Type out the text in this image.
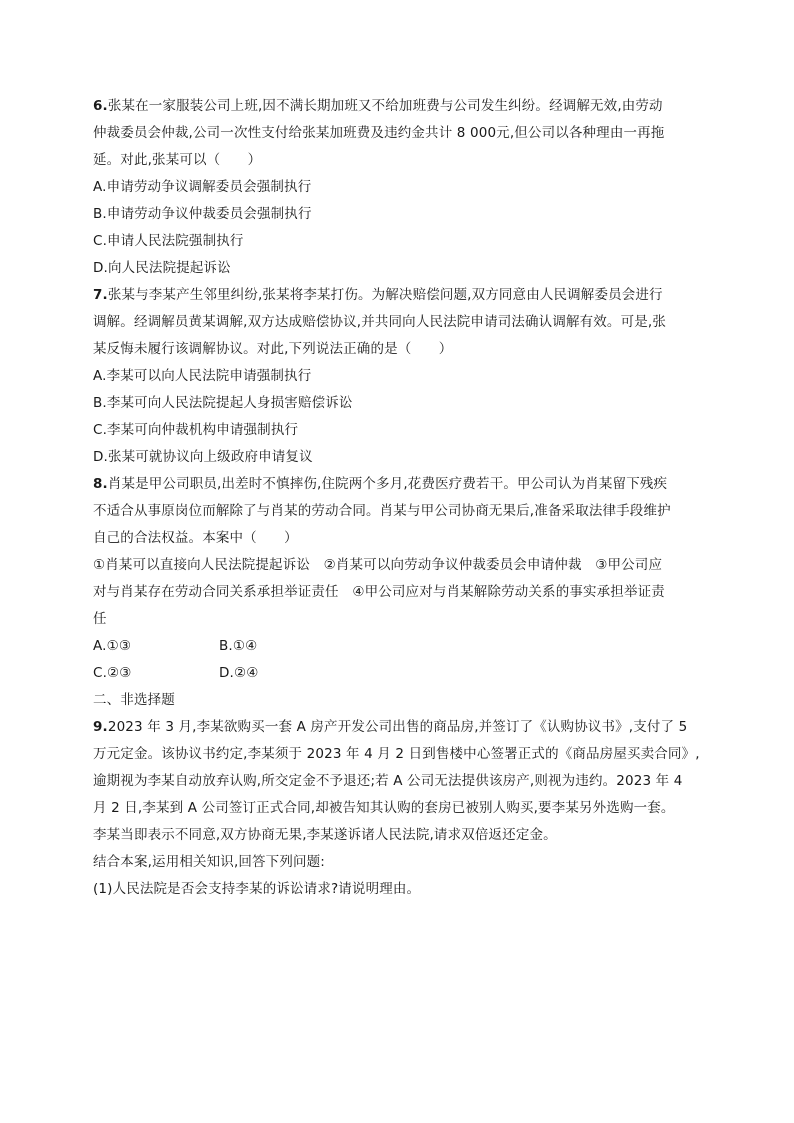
6.张某在一家服装公司上班,因不满长期加班又不给加班费与公司发生纠纷。经调解无效,由劳动
仲裁委员会仲裁,公司一次性支付给张某加班费及违约金共计 8 000元,但公司以各种理由一再拖
延。对此,张某可以（　　）
A.申请劳动争议调解委员会强制执行
B.申请劳动争议仲裁委员会强制执行
C.申请人民法院强制执行
D.向人民法院提起诉讼
7.张某与李某产生邻里纠纷,张某将李某打伤。为解决赔偿问题,双方同意由人民调解委员会进行
调解。经调解员黄某调解,双方达成赔偿协议,并共同向人民法院申请司法确认调解有效。可是,张
某反悔未履行该调解协议。对此,下列说法正确的是（　　）
A.李某可以向人民法院申请强制执行
B.李某可向人民法院提起人身损害赔偿诉讼
C.李某可向仲裁机构申请强制执行
D.张某可就协议向上级政府申请复议
8.肖某是甲公司职员,出差时不慎摔伤,住院两个多月,花费医疗费若干。甲公司认为肖某留下残疾
不适合从事原岗位而解除了与肖某的劳动合同。肖某与甲公司协商无果后,准备采取法律手段维护
自己的合法权益。本案中（　　）
①肖某可以直接向人民法院提起诉讼　②肖某可以向劳动争议仲裁委员会申请仲裁　③甲公司应
对与肖某存在劳动合同关系承担举证责任　④甲公司应对与肖某解除劳动关系的事实承担举证责
任
A.①③	B.①④
C.②③	D.②④
二、非选择题
9.2023 年 3 月,李某欲购买一套 A 房产开发公司出售的商品房,并签订了《认购协议书》,支付了 5
万元定金。该协议书约定,李某须于 2023 年 4 月 2 日到售楼中心签署正式的《商品房屋买卖合同》,
逾期视为李某自动放弃认购,所交定金不予退还;若 A 公司无法提供该房产,则视为违约。2023 年 4
月 2 日,李某到 A 公司签订正式合同,却被告知其认购的套房已被别人购买,要李某另外选购一套。
李某当即表示不同意,双方协商无果,李某遂诉诸人民法院,请求双倍返还定金。
结合本案,运用相关知识,回答下列问题:
(1)人民法院是否会支持李某的诉讼请求?请说明理由。
